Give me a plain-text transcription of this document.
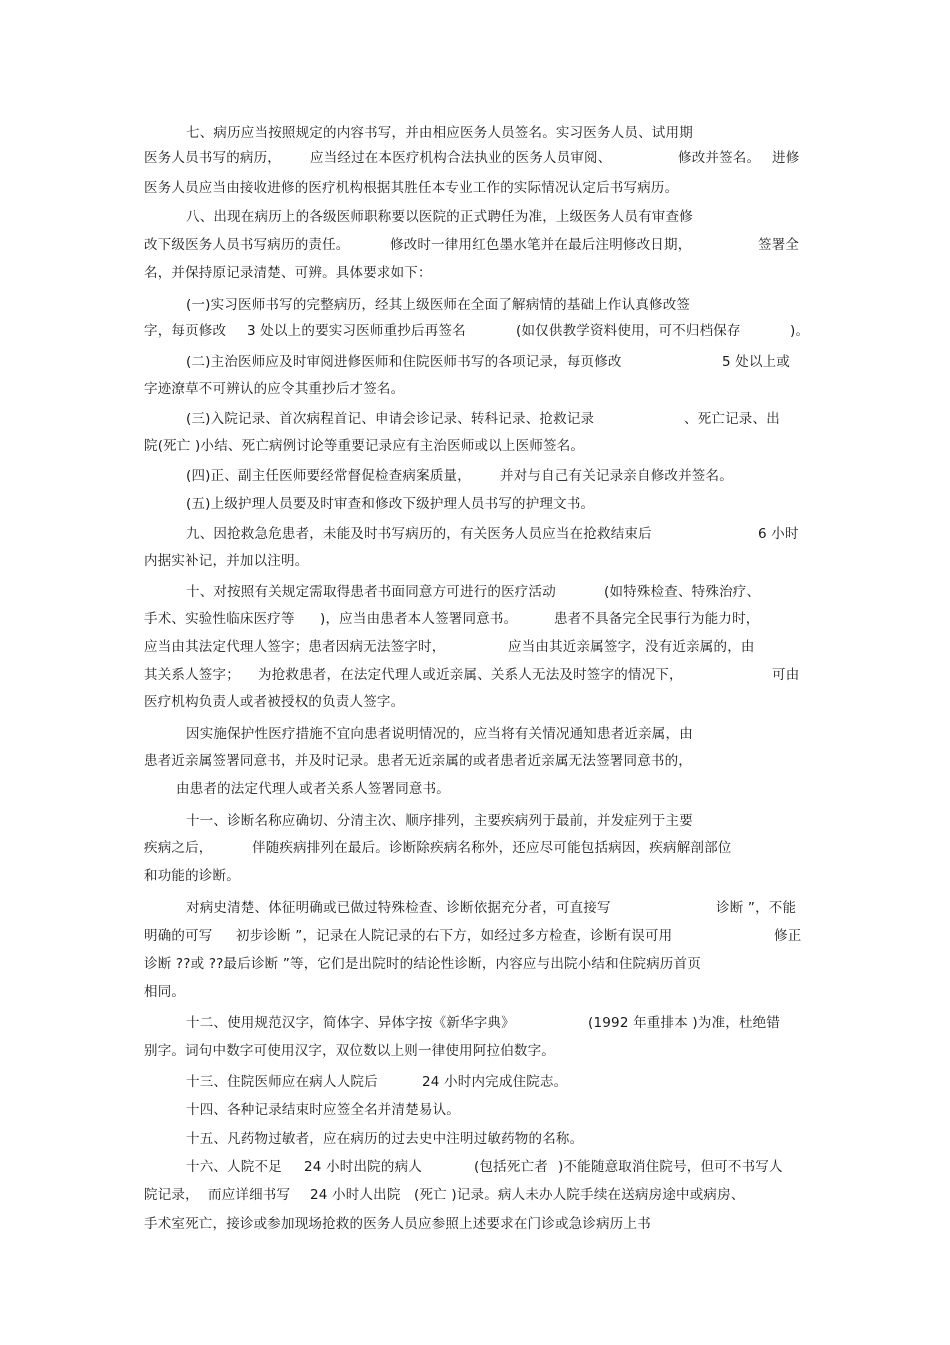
七、病历应当按照规定的内容书写，并由相应医务人员签名。实习医务人员、试用期
医务人员书写的病历， 应当经过在本医疗机构合法执业的医务人员审阅、	修改并签名。 进修
医务人员应当由接收进修的医疗机构根据其胜任本专业工作的实际情况认定后书写病历。
八、出现在病历上的各级医师职称要以医院的正式聘任为准，上级医务人员有审查修
改下级医务人员书写病历的责任。	修改时一律用红色墨水笔并在最后注明修改日期，	签署全
名，并保持原记录清楚、可辨。具体要求如下：
(一)实习医师书写的完整病历，经其上级医师在全面了解病情的基础上作认真修改签
字，每页修改 3 处以上的要实习医师重抄后再签名	(如仅供教学资料使用，可不归档保存	)。
(二)主治医师应及时审阅进修医师和住院医师书写的各项记录，每页修改	5 处以上或
字迹潦草不可辨认的应令其重抄后才签名。
(三)入院记录、首次病程首记、申请会诊记录、转科记录、抢救记录	、死亡记录、出
院(死亡 )小结、死亡病例讨论等重要记录应有主治医师或以上医师签名。
(四)正、副主任医师要经常督促检查病案质量， 并对与自己有关记录亲自修改并签名。
(五)上级护理人员要及时审查和修改下级护理人员书写的护理文书。
九、因抢救急危患者，未能及时书写病历的，有关医务人员应当在抢救结束后	6 小时
内据实补记，并加以注明。
十、对按照有关规定需取得患者书面同意方可进行的医疗活动	(如特殊检查、特殊治疗、
手术、实验性临床医疗等 )，应当由患者本人签署同意书。	患者不具备完全民事行为能力时，
应当由其法定代理人签字；患者因病无法签字时，	应当由其近亲属签字，没有近亲属的，由
其关系人签字； 为抢救患者，在法定代理人或近亲属、关系人无法及时签字的情况下，	可由
医疗机构负责人或者被授权的负责人签字。
因实施保护性医疗措施不宜向患者说明情况的，应当将有关情况通知患者近亲属，由
患者近亲属签署同意书，并及时记录。患者无近亲属的或者患者近亲属无法签署同意书的，
由患者的法定代理人或者关系人签署同意书。
十一、诊断名称应确切、分清主次、顺序排列，主要疾病列于最前，并发症列于主要
疾病之后，	伴随疾病排列在最后。诊断除疾病名称外，还应尽可能包括病因，疾病解剖部位
和功能的诊断。
对病史清楚、体征明确或已做过特殊检查、诊断依据充分者，可直接写	诊断 ”，不能
明确的可写 初步诊断 ”，记录在人院记录的右下方，如经过多方检查，诊断有误可用	修正
诊断 ??或 ??最后诊断 ”等，它们是出院时的结论性诊断，内容应与出院小结和住院病历首页
相同。
十二、使用规范汉字，简体字、异体字按《新华字典》	(1992 年重排本 )为准，杜绝错
别字。词句中数字可使用汉字，双位数以上则一律使用阿拉伯数字。
十三、住院医师应在病人人院后	24 小时内完成住院志。
十四、各种记录结束时应签全名并清楚易认。
十五、凡药物过敏者，应在病历的过去史中注明过敏药物的名称。
十六、人院不足 24 小时出院的病人	(包括死亡者 )不能随意取消住院号，但可不书写人
院记录， 而应详细书写 24 小时人出院 (死亡 )记录。病人未办人院手续在送病房途中或病房、
手术室死亡，接诊或参加现场抢救的医务人员应参照上述要求在门诊或急诊病历上书
